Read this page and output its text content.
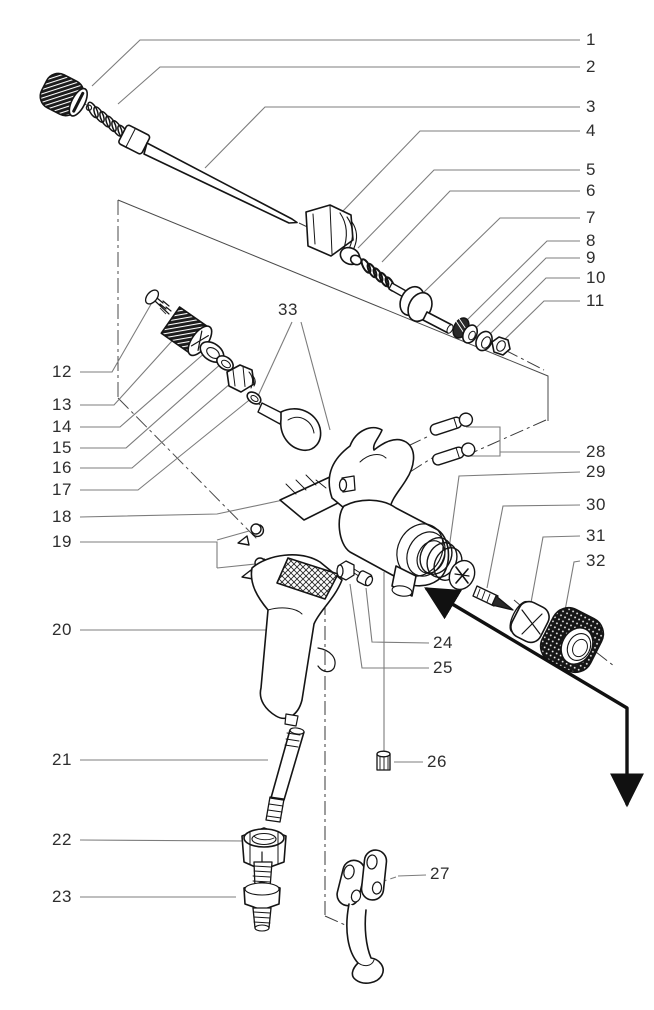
1
2
3
4
5
6
7
8
9
10
11
12
13
14
15
16
17
18
19
20
21
22
23
24
25
26
27
28
29
30
31
32
33
